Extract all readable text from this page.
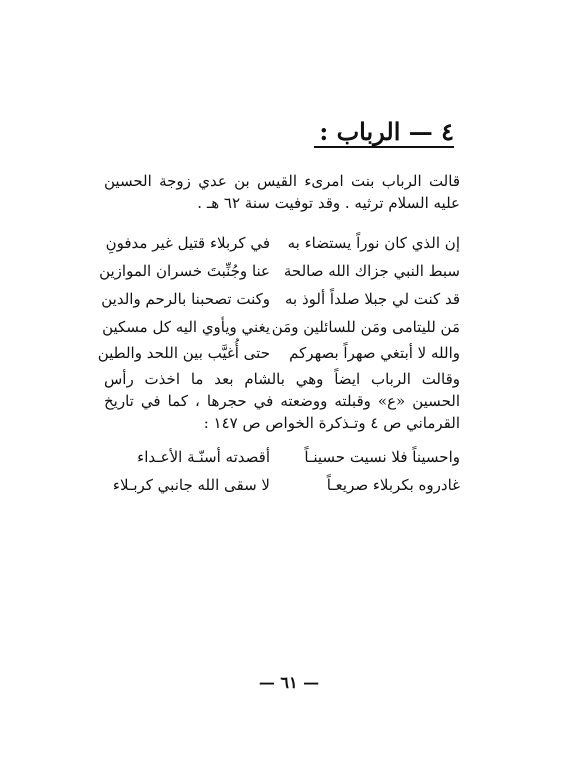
٤ — الرباب :
قالت الرباب بنت امرىء القيس بن عدي زوجة الحسين عليه السلام ترثيه . وقد توفيت سنة ٦٢ هـ .
إن الذي كان نوراً يستضاء به
في كربلاء قتيل غير مدفونِ
سبط النبي جزاك الله صالحة
عنا وجُنِّبتَ خسران الموازين
قد كنت لي جبلا صلداً ألوذ به
وكنت تصحبنا بالرحم والدين
مَن لليتامى ومَن للسائلين ومَن
يغني ويأوي اليه كل مسكين
والله لا أبتغي صهراً بصهركم
حتى أُغيَّب بين اللحد والطين
وقالت الرباب ايضاً وهي بالشام بعد ما اخذت رأس الحسين «ع» وقبلته ووضعته في حجرها ، كما في تاريخ القرماني ص ٤ وتـذكرة الخواص ص ١٤٧ :
واحسيناً فلا نسيت حسينـاً
أقصدته أسنّـة الأعـداء
غادروه بكربلاء صريعـاً
لا سقى الله جانبي كربـلاء
— ٦١ —
